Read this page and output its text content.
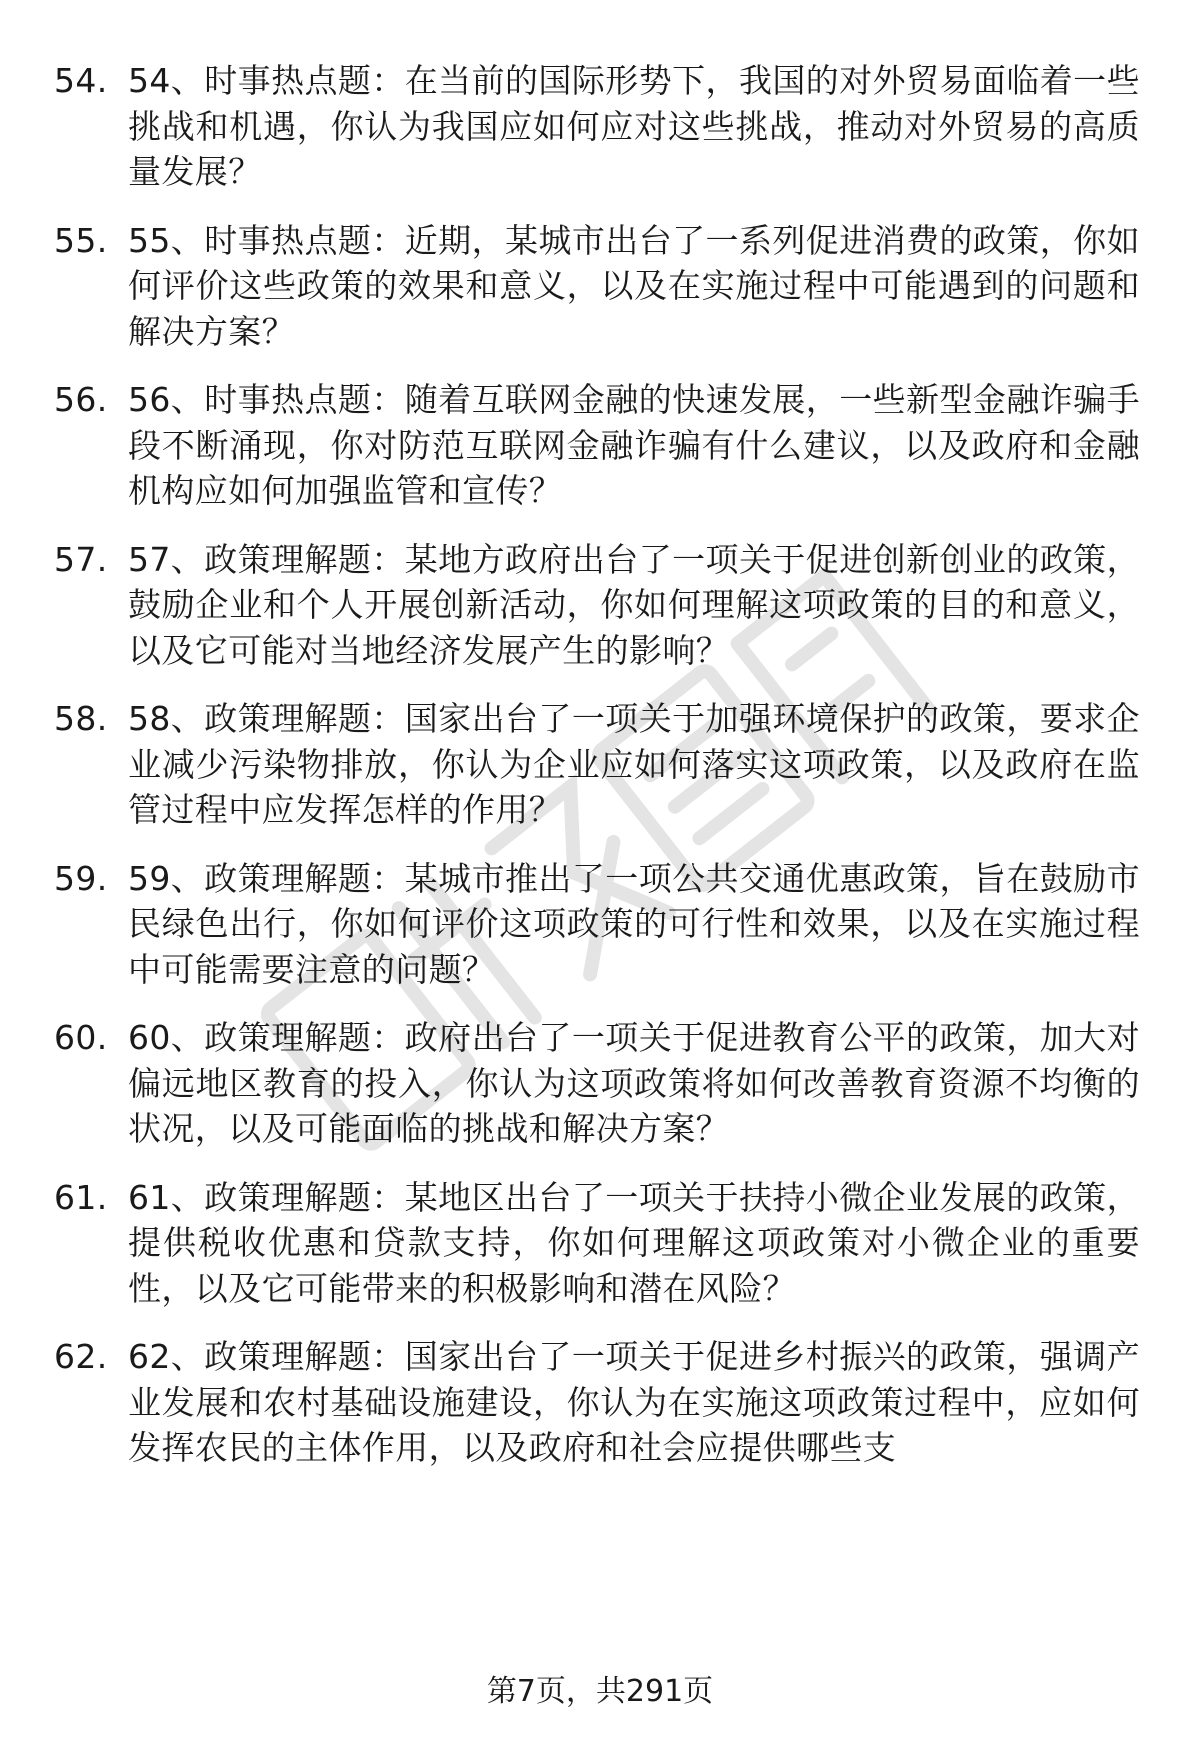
54. 54、时事热点题：在当前的国际形势下，我国的对外贸易面临着一些挑战和机遇，你认为我国应如何应对这些挑战，推动对外贸易的高质量发展？
55. 55、时事热点题：近期，某城市出台了一系列促进消费的政策，你如何评价这些政策的效果和意义，以及在实施过程中可能遇到的问题和解决方案？
56. 56、时事热点题：随着互联网金融的快速发展，一些新型金融诈骗手段不断涌现，你对防范互联网金融诈骗有什么建议，以及政府和金融机构应如何加强监管和宣传？
57. 57、政策理解题：某地方政府出台了一项关于促进创新创业的政策，鼓励企业和个人开展创新活动，你如何理解这项政策的目的和意义，以及它可能对当地经济发展产生的影响？
58. 58、政策理解题：国家出台了一项关于加强环境保护的政策，要求企业减少污染物排放，你认为企业应如何落实这项政策，以及政府在监管过程中应发挥怎样的作用？
59. 59、政策理解题：某城市推出了一项公共交通优惠政策，旨在鼓励市民绿色出行，你如何评价这项政策的可行性和效果，以及在实施过程中可能需要注意的问题？
60. 60、政策理解题：政府出台了一项关于促进教育公平的政策，加大对偏远地区教育的投入，你认为这项政策将如何改善教育资源不均衡的状况，以及可能面临的挑战和解决方案？
61. 61、政策理解题：某地区出台了一项关于扶持小微企业发展的政策，提供税收优惠和贷款支持，你如何理解这项政策对小微企业的重要性，以及它可能带来的积极影响和潜在风险？
62. 62、政策理解题：国家出台了一项关于促进乡村振兴的政策，强调产业发展和农村基础设施建设，你认为在实施这项政策过程中，应如何发挥农民的主体作用，以及政府和社会应提供哪些支
第7页，共291页
